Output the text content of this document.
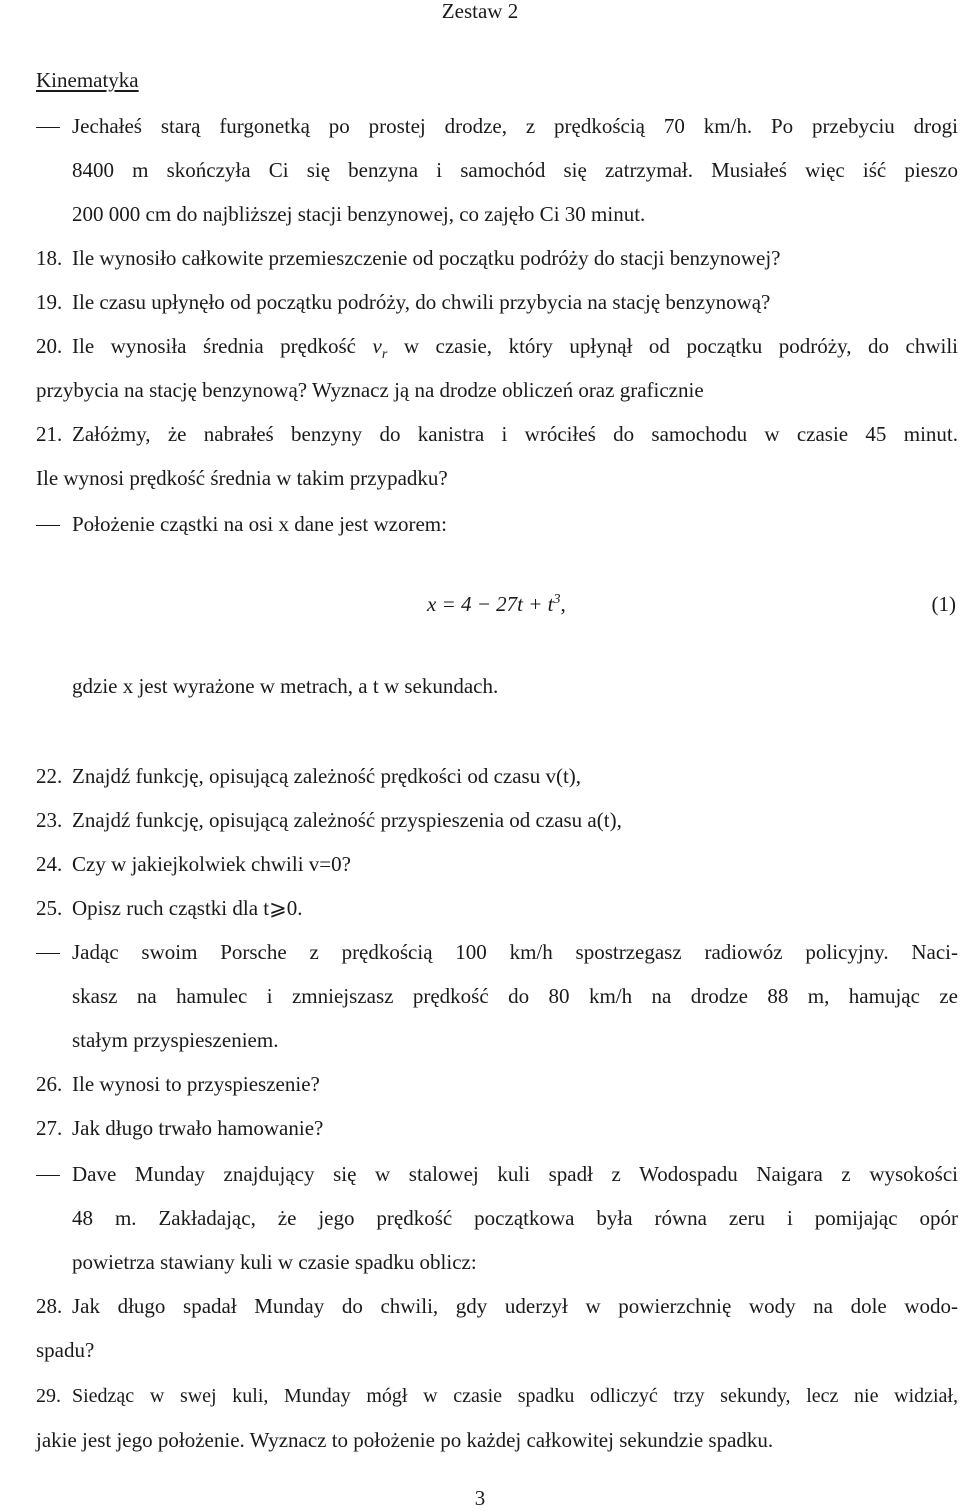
Zestaw 2
Kinematyka
Jechałeś starą furgonetką po prostej drodze, z prędkością 70 km/h. Po przebyciu drogi
8400 m skończyła Ci się benzyna i samochód się zatrzymał. Musiałeś więc iść pieszo
200 000 cm do najbliższej stacji benzynowej, co zajęło Ci 30 minut.
18. Ile wynosiło całkowite przemieszczenie od początku podróży do stacji benzynowej?
19. Ile czasu upłynęło od początku podróży, do chwili przybycia na stację benzynową?
20. Ile wynosiła średnia prędkość $v_r$ w czasie, który upłynął od początku podróży, do chwili
przybycia na stację benzynową? Wyznacz ją na drodze obliczeń oraz graficznie
21. Załóżmy, że nabrałeś benzyny do kanistra i wróciłeś do samochodu w czasie 45 minut.
Ile wynosi prędkość średnia w takim przypadku?
Położenie cząstki na osi x dane jest wzorem:
$x = 4 - 27t + t^3$,	(1)
gdzie x jest wyrażone w metrach, a t w sekundach.
22. Znajdź funkcję, opisującą zależność prędkości od czasu v(t),
23. Znajdź funkcję, opisującą zależność przyspieszenia od czasu a(t),
24. Czy w jakiejkolwiek chwili v=0?
25. Opisz ruch cząstki dla t⩾0.
Jadąc swoim Porsche z prędkością 100 km/h spostrzegasz radiowóz policyjny. Naci-
skasz na hamulec i zmniejszasz prędkość do 80 km/h na drodze 88 m, hamując ze
stałym przyspieszeniem.
26. Ile wynosi to przyspieszenie?
27. Jak długo trwało hamowanie?
Dave Munday znajdujący się w stalowej kuli spadł z Wodospadu Naigara z wysokości
48 m. Zakładając, że jego prędkość początkowa była równa zeru i pomijając opór
powietrza stawiany kuli w czasie spadku oblicz:
28. Jak długo spadał Munday do chwili, gdy uderzył w powierzchnię wody na dole wodo-
spadu?
29. Siedząc w swej kuli, Munday mógł w czasie spadku odliczyć trzy sekundy, lecz nie widział,
jakie jest jego położenie. Wyznacz to położenie po każdej całkowitej sekundzie spadku.
3
